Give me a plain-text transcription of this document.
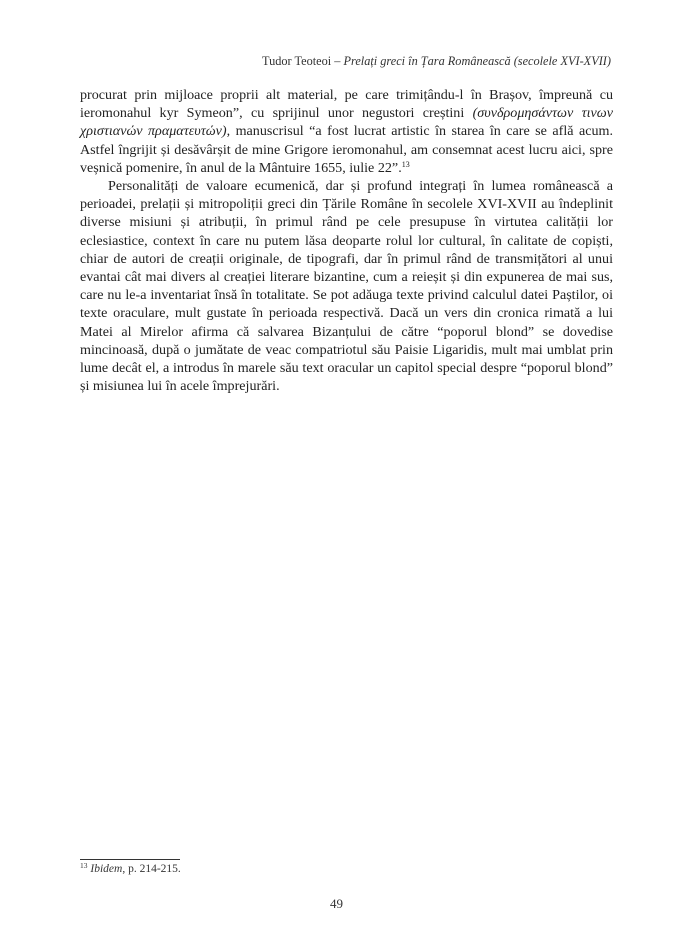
Tudor Teoteoi – Prelați greci în Țara Românească (secolele XVI-XVII)

procurat prin mijloace proprii alt material, pe care trimițându-l în Brașov, împreună cu ieromonahul kyr Symeon”, cu sprijinul unor negustori creștini (συνδρομησάντων τινων χριστιανών πραματευτών), manuscrisul “a fost lucrat artistic în starea în care se află acum. Astfel îngrijit și desăvârșit de mine Grigore ieromonahul, am consemnat acest lucru aici, spre veșnică pomenire, în anul de la Mântuire 1655, iulie 22”.$^{13}$

Personalități de valoare ecumenică, dar și profund integrați în lumea românească a perioadei, prelații și mitropoliții greci din Țările Române în secolele XVI-XVII au îndeplinit diverse misiuni și atribuții, în primul rând pe cele presupuse în virtutea calității lor eclesiastice, context în care nu putem lăsa deoparte rolul lor cultural, în calitate de copiști, chiar de autori de creații originale, de tipografi, dar în primul rând de transmițători al unui evantai cât mai divers al creației literare bizantine, cum a reieșit și din expunerea de mai sus, care nu le-a inventariat însă în totalitate. Se pot adăuga texte privind calculul datei Paștilor, oi texte oraculare, mult gustate în perioada respectivă. Dacă un vers din cronica rimată a lui Matei al Mirelor afirma că salvarea Bizanțului de către “poporul blond” se dovedise mincinoasă, după o jumătate de veac compatriotul său Paisie Ligaridis, mult mai umblat prin lume decât el, a introdus în marele său text oracular un capitol special despre “poporul blond” și misiunea lui în acele împrejurări.

$^{13}$ Ibidem, p. 214-215.
49
